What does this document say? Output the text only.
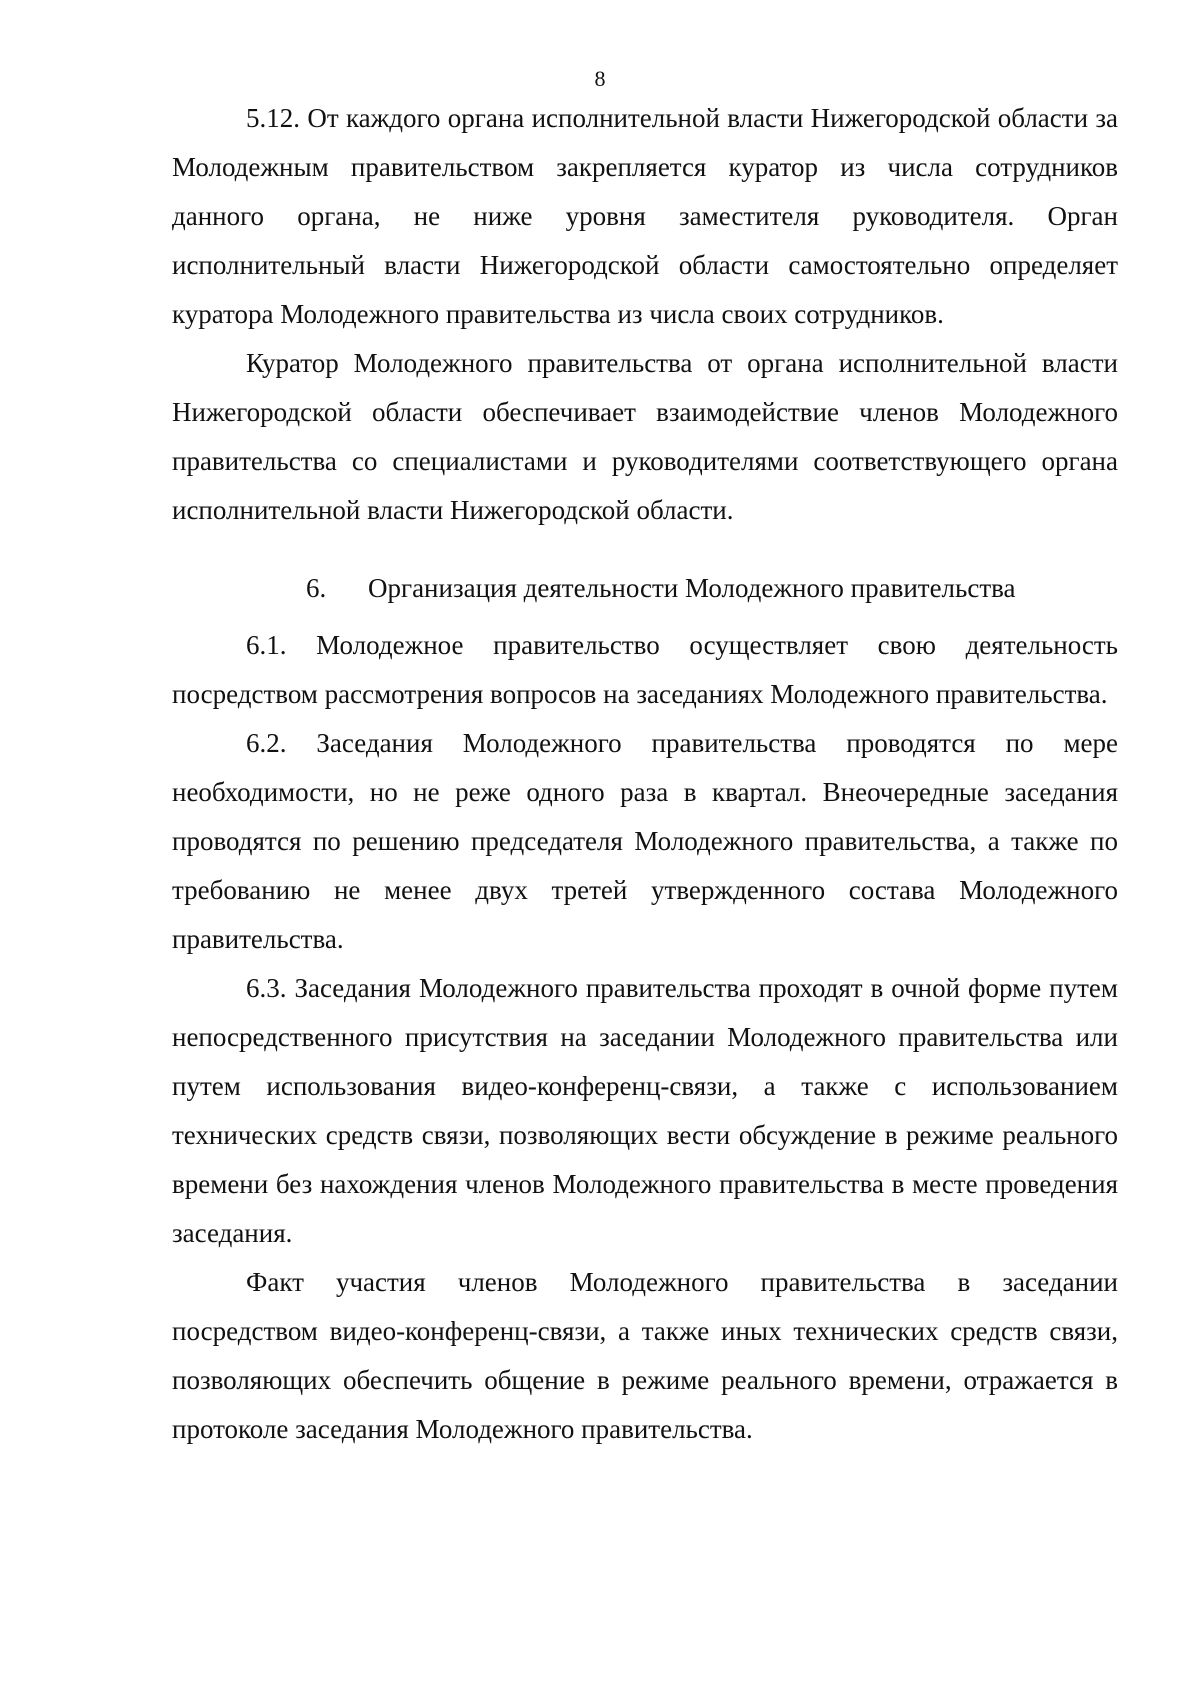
8

5.12. От каждого органа исполнительной власти Нижегородской области за Молодежным правительством закрепляется куратор из числа сотрудников данного органа, не ниже уровня заместителя руководителя. Орган исполнительный власти Нижегородской области самостоятельно определяет куратора Молодежного правительства из числа своих сотрудников.

Куратор Молодежного правительства от органа исполнительной власти Нижегородской области обеспечивает взаимодействие членов Молодежного правительства со специалистами и руководителями соответствующего органа исполнительной власти Нижегородской области.

6. Организация деятельности Молодежного правительства

6.1. Молодежное правительство осуществляет свою деятельность посредством рассмотрения вопросов на заседаниях Молодежного правительства.

6.2. Заседания Молодежного правительства проводятся по мере необходимости, но не реже одного раза в квартал. Внеочередные заседания проводятся по решению председателя Молодежного правительства, а также по требованию не менее двух третей утвержденного состава Молодежного правительства.

6.3. Заседания Молодежного правительства проходят в очной форме путем непосредственного присутствия на заседании Молодежного правительства или путем использования видео-конференц-связи, а также с использованием технических средств связи, позволяющих вести обсуждение в режиме реального времени без нахождения членов Молодежного правительства в месте проведения заседания.

Факт участия членов Молодежного правительства в заседании посредством видео-конференц-связи, а также иных технических средств связи, позволяющих обеспечить общение в режиме реального времени, отражается в протоколе заседания Молодежного правительства.
